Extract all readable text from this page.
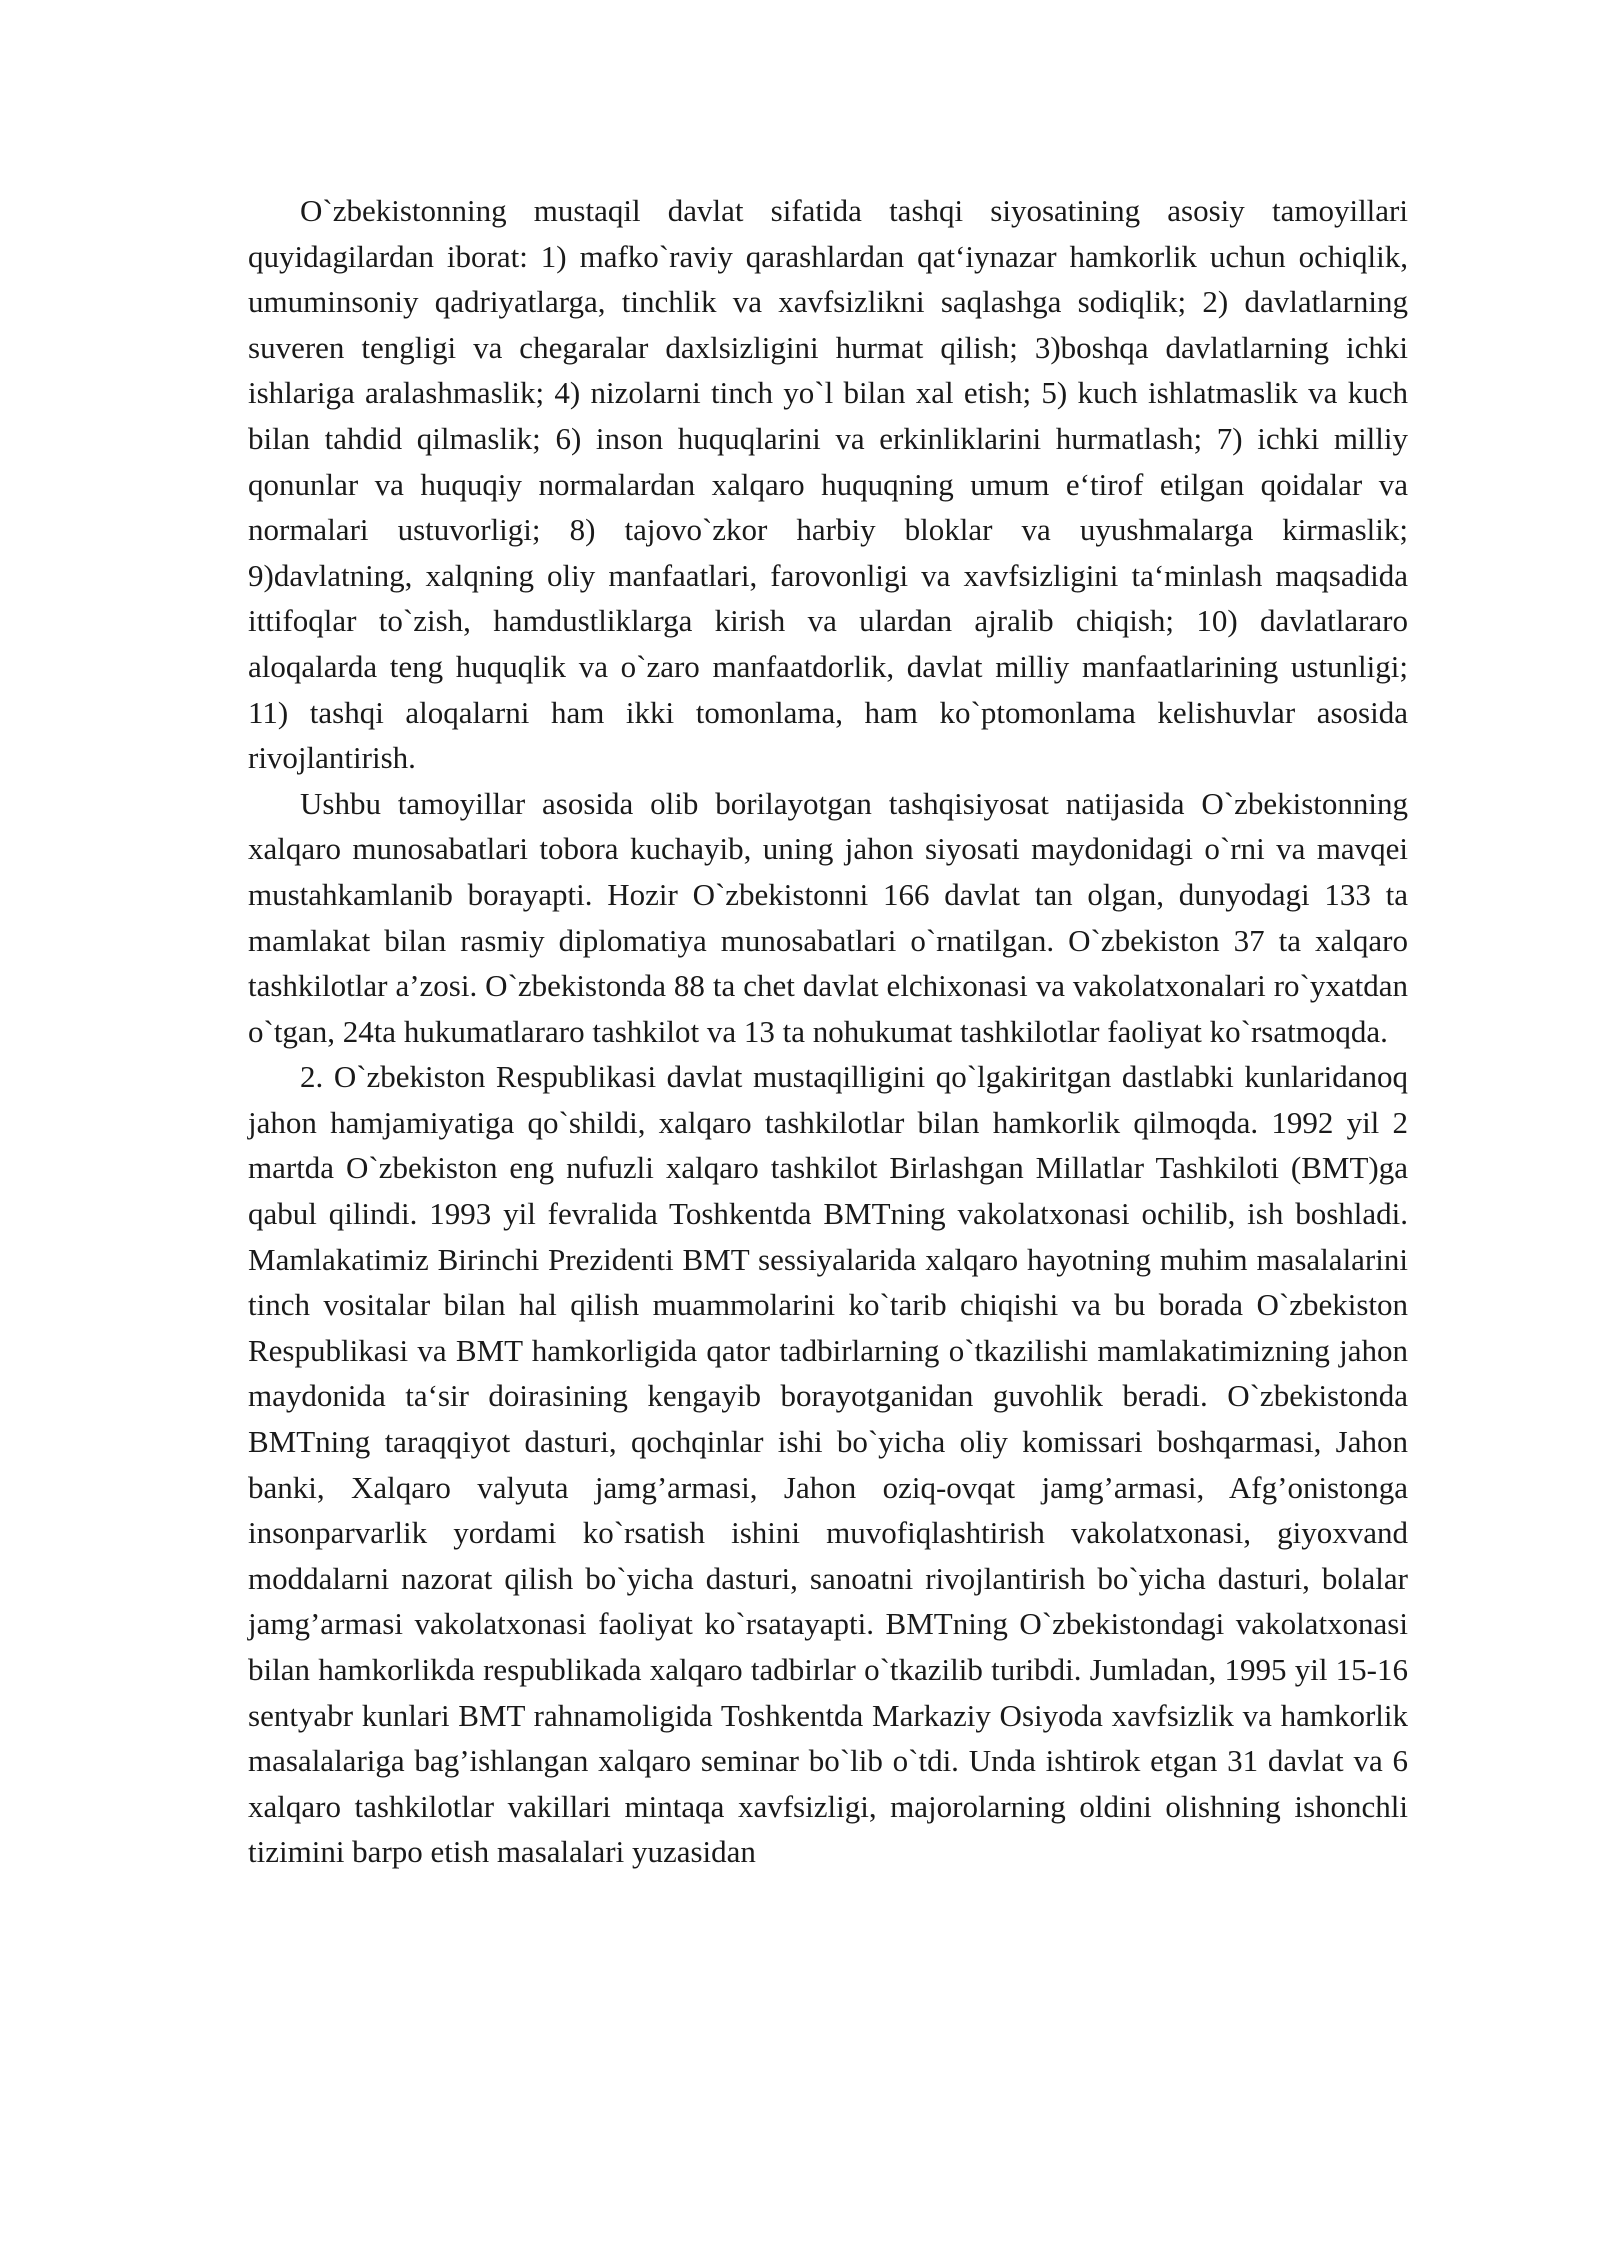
O`zbekistonning mustaqil davlat sifatida tashqi siyosatining asosiy tamoyillari quyidagilardan iborat: 1) mafko`raviy qarashlardan qat‘iynazar hamkorlik uchun ochiqlik, umuminsoniy qadriyatlarga, tinchlik va xavfsizlikni saqlashga sodiqlik; 2) davlatlarning suveren tengligi va chegaralar daxlsizligini hurmat qilish; 3)boshqa davlatlarning ichki ishlariga aralashmaslik; 4) nizolarni tinch yo`l bilan xal etish; 5) kuch ishlatmaslik va kuch bilan tahdid qilmaslik; 6) inson huquqlarini va erkinliklarini hurmatlash; 7) ichki milliy qonunlar va huquqiy normalardan xalqaro huquqning umum e‘tirof etilgan qoidalar va normalari ustuvorligi; 8) tajovo`zkor harbiy bloklar va uyushmalarga kirmaslik; 9)davlatning, xalqning oliy manfaatlari, farovonligi va xavfsizligini ta‘minlash maqsadida ittifoqlar to`zish, hamdustliklarga kirish va ulardan ajralib chiqish; 10) davlatlararo aloqalarda teng huquqlik va o`zaro manfaatdorlik, davlat milliy manfaatlarining ustunligi; 11) tashqi aloqalarni ham ikki tomonlama, ham ko`ptomonlama kelishuvlar asosida rivojlantirish.

Ushbu tamoyillar asosida olib borilayotgan tashqisiyosat natijasida O`zbekistonning xalqaro munosabatlari tobora kuchayib, uning jahon siyosati maydonidagi o`rni va mavqei mustahkamlanib borayapti. Hozir O`zbekistonni 166 davlat tan olgan, dunyodagi 133 ta mamlakat bilan rasmiy diplomatiya munosabatlari o`rnatilgan. O`zbekiston 37 ta xalqaro tashkilotlar a’zosi. O`zbekistonda 88 ta chet davlat elchixonasi va vakolatxonalari ro`yxatdan o`tgan, 24ta hukumatlararo tashkilot va 13 ta nohukumat tashkilotlar faoliyat ko`rsatmoqda.

2. O`zbekiston Respublikasi davlat mustaqilligini qo`lgakiritgan dastlabki kunlaridanoq jahon hamjamiyatiga qo`shildi, xalqaro tashkilotlar bilan hamkorlik qilmoqda. 1992 yil 2 martda O`zbekiston eng nufuzli xalqaro tashkilot Birlashgan Millatlar Tashkiloti (BMT)ga qabul qilindi. 1993 yil fevralida Toshkentda BMTning vakolatxonasi ochilib, ish boshladi. Mamlakatimiz Birinchi Prezidenti BMT sessiyalarida xalqaro hayotning muhim masalalarini tinch vositalar bilan hal qilish muammolarini ko`tarib chiqishi va bu borada O`zbekiston Respublikasi va BMT hamkorligida qator tadbirlarning o`tkazilishi mamlakatimizning jahon maydonida ta‘sir doirasining kengayib borayotganidan guvohlik beradi. O`zbekistonda BMTning taraqqiyot dasturi, qochqinlar ishi bo`yicha oliy komissari boshqarmasi, Jahon banki, Xalqaro valyuta jamg’armasi, Jahon oziq-ovqat jamg’armasi, Afg’onistonga insonparvarlik yordami ko`rsatish ishini muvofiqlashtirish vakolatxonasi, giyoxvand moddalarni nazorat qilish bo`yicha dasturi, sanoatni rivojlantirish bo`yicha dasturi, bolalar jamg’armasi vakolatxonasi faoliyat ko`rsatayapti. BMTning O`zbekistondagi vakolatxonasi bilan hamkorlikda respublikada xalqaro tadbirlar o`tkazilib turibdi. Jumladan, 1995 yil 15-16 sentyabr kunlari BMT rahnamoligida Toshkentda Markaziy Osiyoda xavfsizlik va hamkorlik masalalariga bag’ishlangan xalqaro seminar bo`lib o`tdi. Unda ishtirok etgan 31 davlat va 6 xalqaro tashkilotlar vakillari mintaqa xavfsizligi, majorolarning oldini olishning ishonchli tizimini barpo etish masalalari yuzasidan
